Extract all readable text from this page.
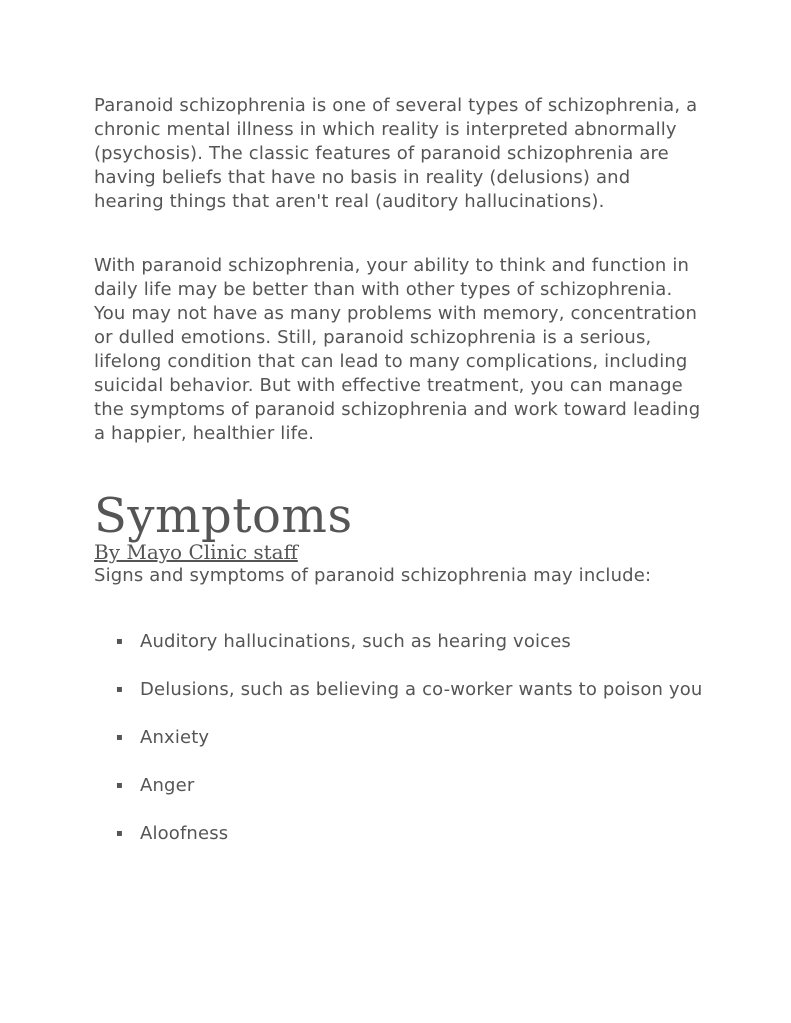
Paranoid schizophrenia is one of several types of schizophrenia, a chronic mental illness in which reality is interpreted abnormally (psychosis). The classic features of paranoid schizophrenia are having beliefs that have no basis in reality (delusions) and hearing things that aren't real (auditory hallucinations).

With paranoid schizophrenia, your ability to think and function in daily life may be better than with other types of schizophrenia. You may not have as many problems with memory, concentration or dulled emotions. Still, paranoid schizophrenia is a serious, lifelong condition that can lead to many complications, including suicidal behavior. But with effective treatment, you can manage the symptoms of paranoid schizophrenia and work toward leading a happier, healthier life.

Symptoms
By Mayo Clinic staff

Signs and symptoms of paranoid schizophrenia may include:

▪ Auditory hallucinations, such as hearing voices
▪ Delusions, such as believing a co-worker wants to poison you
▪ Anxiety
▪ Anger
▪ Aloofness
